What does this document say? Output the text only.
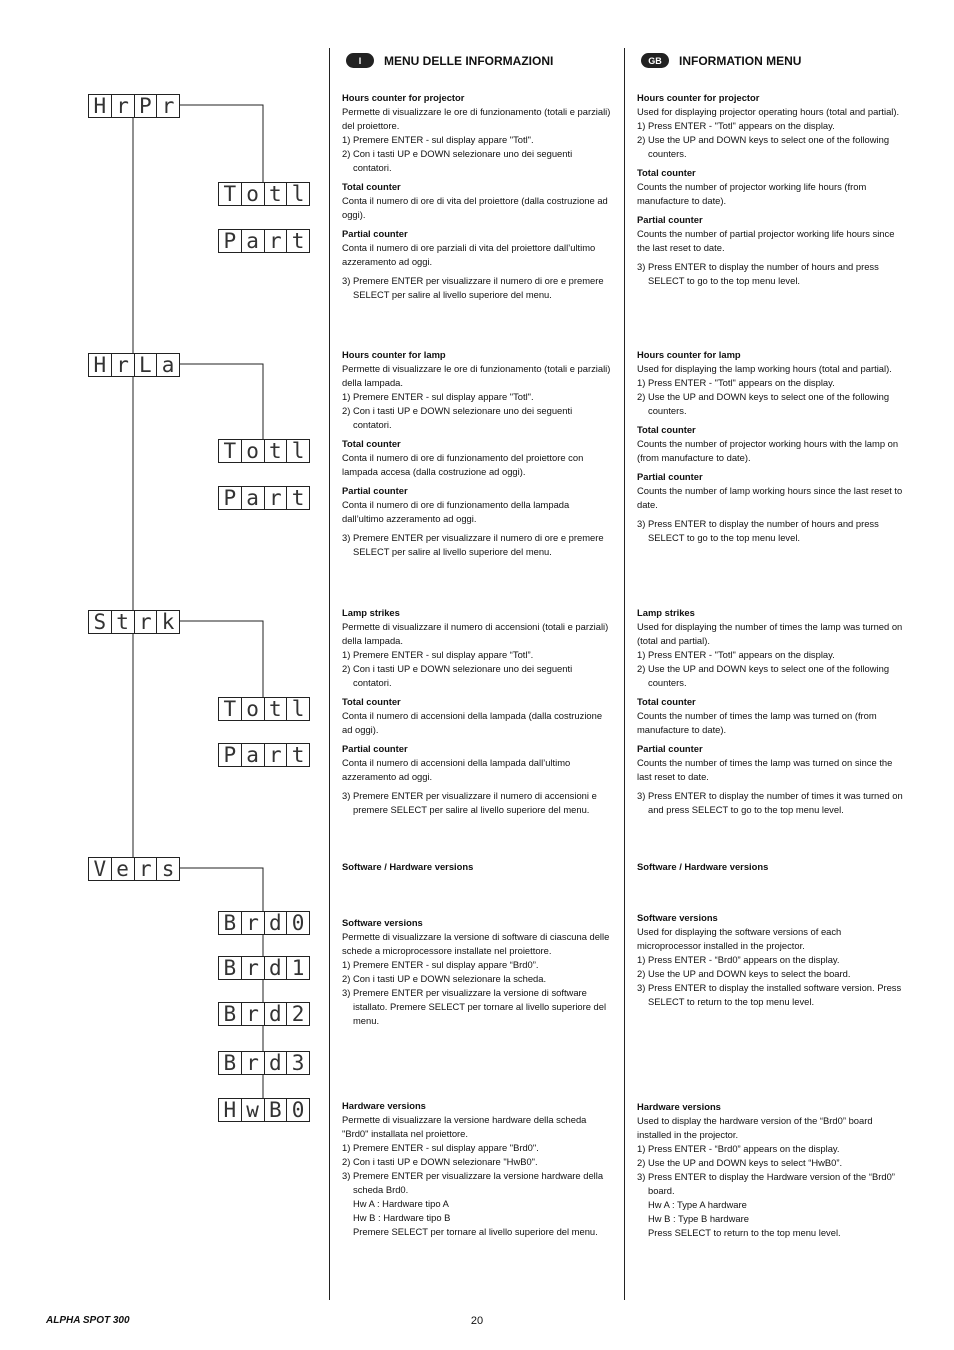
H r P r
T o t l
P a r t
H r L a
T o t l
P a r t
S t r k
T o t l
P a r t
V e r s
B r d 0
B r d 1
B r d 2
B r d 3
H w B 0
I	MENU DELLE INFORMAZIONI	GB	INFORMATION MENU

Hours counter for projector

Permette di visualizzare le ore di funzionamento (totali e parziali) del proiettore.

1) Premere ENTER - sul display appare "Totl".

2) Con i tasti UP e DOWN selezionare uno dei seguenti contatori.

Total counter

Conta il numero di ore di vita del proiettore (dalla costruzione ad oggi).

Partial counter

Conta il numero di ore parziali di vita del proiettore dall’ultimo azzeramento ad oggi.

3) Premere ENTER per visualizzare il numero di ore e premere SELECT per salire al livello superiore del menu.

Hours counter for lamp

Permette di visualizzare le ore di funzionamento (totali e parziali) della lampada.

1) Premere ENTER - sul display appare "Totl".

2) Con i tasti UP e DOWN selezionare uno dei seguenti contatori.

Total counter

Conta il numero di ore di funzionamento del proiettore con lampada accesa (dalla costruzione ad oggi).

Partial counter

Conta il numero di ore di funzionamento della lampada dall’ultimo azzeramento ad oggi.

3) Premere ENTER per visualizzare il numero di ore e premere SELECT per salire al livello superiore del menu.

Lamp strikes

Permette di visualizzare il numero di accensioni (totali e parziali) della lampada.

1) Premere ENTER - sul display appare “Totl”.

2) Con i tasti UP e DOWN selezionare uno dei seguenti contatori.

Total counter

Conta il numero di accensioni della lampada (dalla costruzione ad oggi).

Partial counter

Conta il numero di accensioni della lampada dall’ultimo azzeramento ad oggi.

3) Premere ENTER per visualizzare il numero di accensioni e premere SELECT per salire al livello superiore del menu.

Software / Hardware versions

Software versions

Permette di visualizzare la versione di software di ciascuna delle schede a microprocessore installate nel proiettore.

1) Premere ENTER - sul display appare “Brd0”.

2) Con i tasti UP e DOWN selezionare la scheda.

3) Premere ENTER per visualizzare la versione di software istallato. Premere SELECT per tornare al livello superiore del menu.

Hardware versions

Permette di visualizzare la versione hardware della scheda "Brd0" installata nel proiettore.

1) Premere ENTER - sul display appare "Brd0".

2) Con i tasti UP e DOWN selezionare "HwB0".

3) Premere ENTER per visualizzare la versione hardware della scheda Brd0.

Hw A : Hardware tipo A

Hw B : Hardware tipo B

Premere SELECT per tornare al livello superiore del menu.

Hours counter for projector

Used for displaying projector operating hours (total and partial).

1) Press ENTER - "Totl" appears on the display.

2) Use the UP and DOWN keys to select one of the following counters.

Total counter

Counts the number of projector working life hours (from manufacture to date).

Partial counter

Counts the number of partial projector working life hours since the last reset to date.

3) Press ENTER to display the number of hours and press SELECT to go to the top menu level.

Hours counter for lamp

Used for displaying the lamp working hours (total and partial).

1) Press ENTER - "Totl" appears on the display.

2) Use the UP and DOWN keys to select one of the following counters.

Total counter

Counts the number of projector working hours with the lamp on (from manufacture to date).

Partial counter

Counts the number of lamp working hours since the last reset to date.

3) Press ENTER to display the number of hours and press SELECT to go to the top menu level.

Lamp strikes

Used for displaying the number of times the lamp was turned on (total and partial).

1) Press ENTER - "Totl" appears on the display.

2) Use the UP and DOWN keys to select one of the following counters.

Total counter

Counts the number of times the lamp was turned on (from manufacture to date).

Partial counter

Counts the number of times the lamp was turned on since the last reset to date.

3) Press ENTER to display the number of times it was turned on and press SELECT to go to the top menu level.

Software / Hardware versions

Software versions

Used for displaying the software versions of each microprocessor installed in the projector.

1) Press ENTER - “Brd0” appears on the display.

2) Use the UP and DOWN keys to select the board.

3) Press ENTER to display the installed software version. Press SELECT to return to the top menu level.

Hardware versions

Used to display the hardware version of the “Brd0” board installed in the projector.

1) Press ENTER - “Brd0” appears on the display.

2) Use the UP and DOWN keys to select “HwB0”.

3) Press ENTER to display the Hardware version of the “Brd0” board.

Hw A : Type A hardware

Hw B : Type B hardware

Press SELECT to return to the top menu level.

20
ALPHA SPOT 300
